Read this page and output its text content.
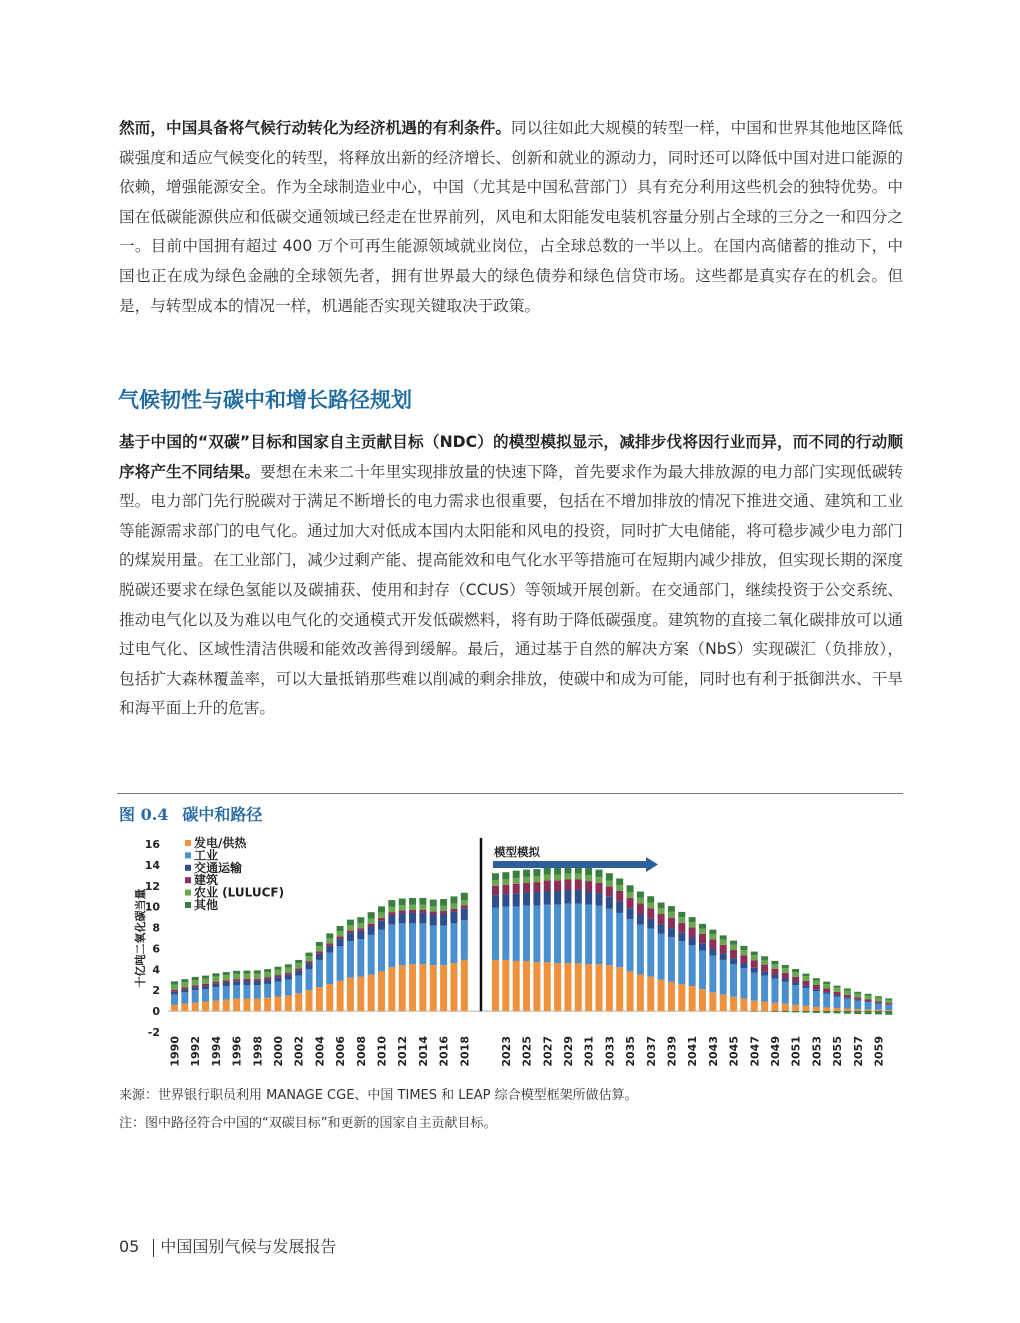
然而，中国具备将气候行动转化为经济机遇的有利条件。同以往如此大规模的转型一样，中国和世界其他地区降低碳强度和适应气候变化的转型，将释放出新的经济增长、创新和就业的源动力，同时还可以降低中国对进口能源的依赖，增强能源安全。作为全球制造业中心，中国（尤其是中国私营部门）具有充分利用这些机会的独特优势。中国在低碳能源供应和低碳交通领域已经走在世界前列，风电和太阳能发电装机容量分别占全球的三分之一和四分之一。目前中国拥有超过 400 万个可再生能源领域就业岗位，占全球总数的一半以上。在国内高储蓄的推动下，中国也正在成为绿色金融的全球领先者，拥有世界最大的绿色债券和绿色信贷市场。这些都是真实存在的机会。但是，与转型成本的情况一样，机遇能否实现关键取决于政策。

气候韧性与碳中和增长路径规划

基于中国的“双碳”目标和国家自主贡献目标（NDC）的模型模拟显示，减排步伐将因行业而异，而不同的行动顺序将产生不同结果。要想在未来二十年里实现排放量的快速下降，首先要求作为最大排放源的电力部门实现低碳转型。电力部门先行脱碳对于满足不断增长的电力需求也很重要，包括在不增加排放的情况下推进交通、建筑和工业等能源需求部门的电气化。通过加大对低成本国内太阳能和风电的投资，同时扩大电储能，将可稳步减少电力部门的煤炭用量。在工业部门，减少过剩产能、提高能效和电气化水平等措施可在短期内减少排放，但实现长期的深度脱碳还要求在绿色氢能以及碳捕获、使用和封存（CCUS）等领域开展创新。在交通部门，继续投资于公交系统、推动电气化以及为难以电气化的交通模式开发低碳燃料，将有助于降低碳强度。建筑物的直接二氧化碳排放可以通过电气化、区域性清洁供暖和能效改善得到缓解。最后，通过基于自然的解决方案（NbS）实现碳汇（负排放），包括扩大森林覆盖率，可以大量抵销那些难以削减的剩余排放，使碳中和成为可能，同时也有利于抵御洪水、干旱和海平面上升的危害。

图 0.4 碳中和路径
-2
0
2
4
6
8
10
12
14
16
十亿吨二氧化碳当量
1990 1992 1994 1996 1998 2000 2002 2004 2006 2008 2010 2012 2014 2016 2018	2023 2025 2027 2029 2031 2033 2035 2037 2039 2041 2043 2045 2047 2049 2051 2053 2055 2057 2059
模型模拟
发电/供热
工业
交通运输
建筑
农业 (LULUCF)
其他
来源：世界银行职员利用 MANAGE CGE、中国 TIMES 和 LEAP 综合模型框架所做估算。
注：图中路径符合中国的“双碳目标”和更新的国家自主贡献目标。
05 中国国别气候与发展报告
